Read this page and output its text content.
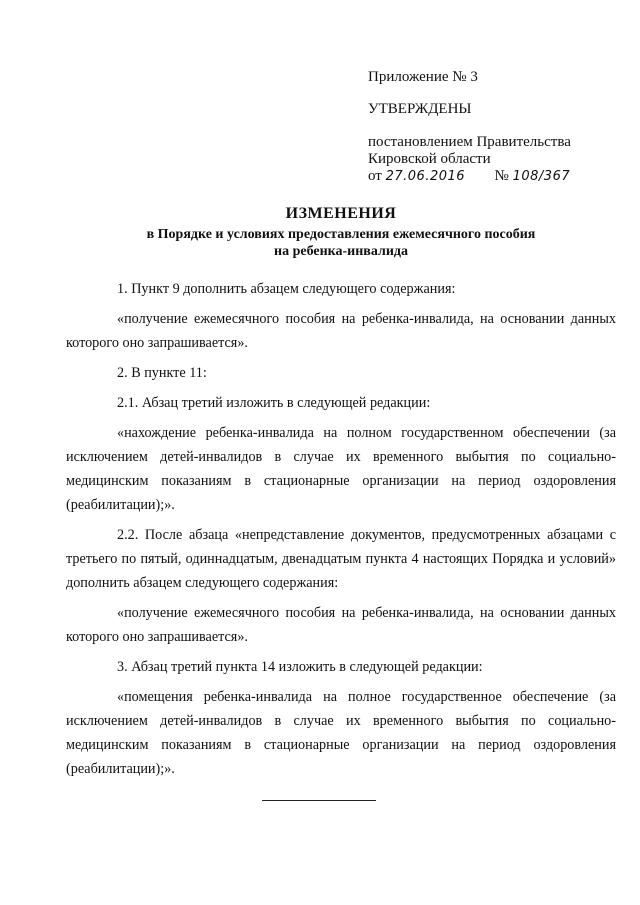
Приложение № 3
УТВЕРЖДЕНЫ
постановлением Правительства
Кировской области
от 27.06.2016 № 108/367
ИЗМЕНЕНИЯ
в Порядке и условиях предоставления ежемесячного пособия
на ребенка-инвалида

1. Пункт 9 дополнить абзацем следующего содержания:

«получение ежемесячного пособия на ребенка-инвалида, на основании данных которого оно запрашивается».

2. В пункте 11:

2.1. Абзац третий изложить в следующей редакции:

«нахождение ребенка-инвалида на полном государственном обеспечении (за исключением детей-инвалидов в случае их временного выбытия по социально-медицинским показаниям в стационарные организации на период оздоровления (реабилитации);».

2.2. После абзаца «непредставление документов, предусмотренных абзацами с третьего по пятый, одиннадцатым, двенадцатым пункта 4 настоящих Порядка и условий» дополнить абзацем следующего содержания:

«получение ежемесячного пособия на ребенка-инвалида, на основании данных которого оно запрашивается».

3. Абзац третий пункта 14 изложить в следующей редакции:

«помещения ребенка-инвалида на полное государственное обеспечение (за исключением детей-инвалидов в случае их временного выбытия по социально-медицинским показаниям в стационарные организации на период оздоровления (реабилитации);».
